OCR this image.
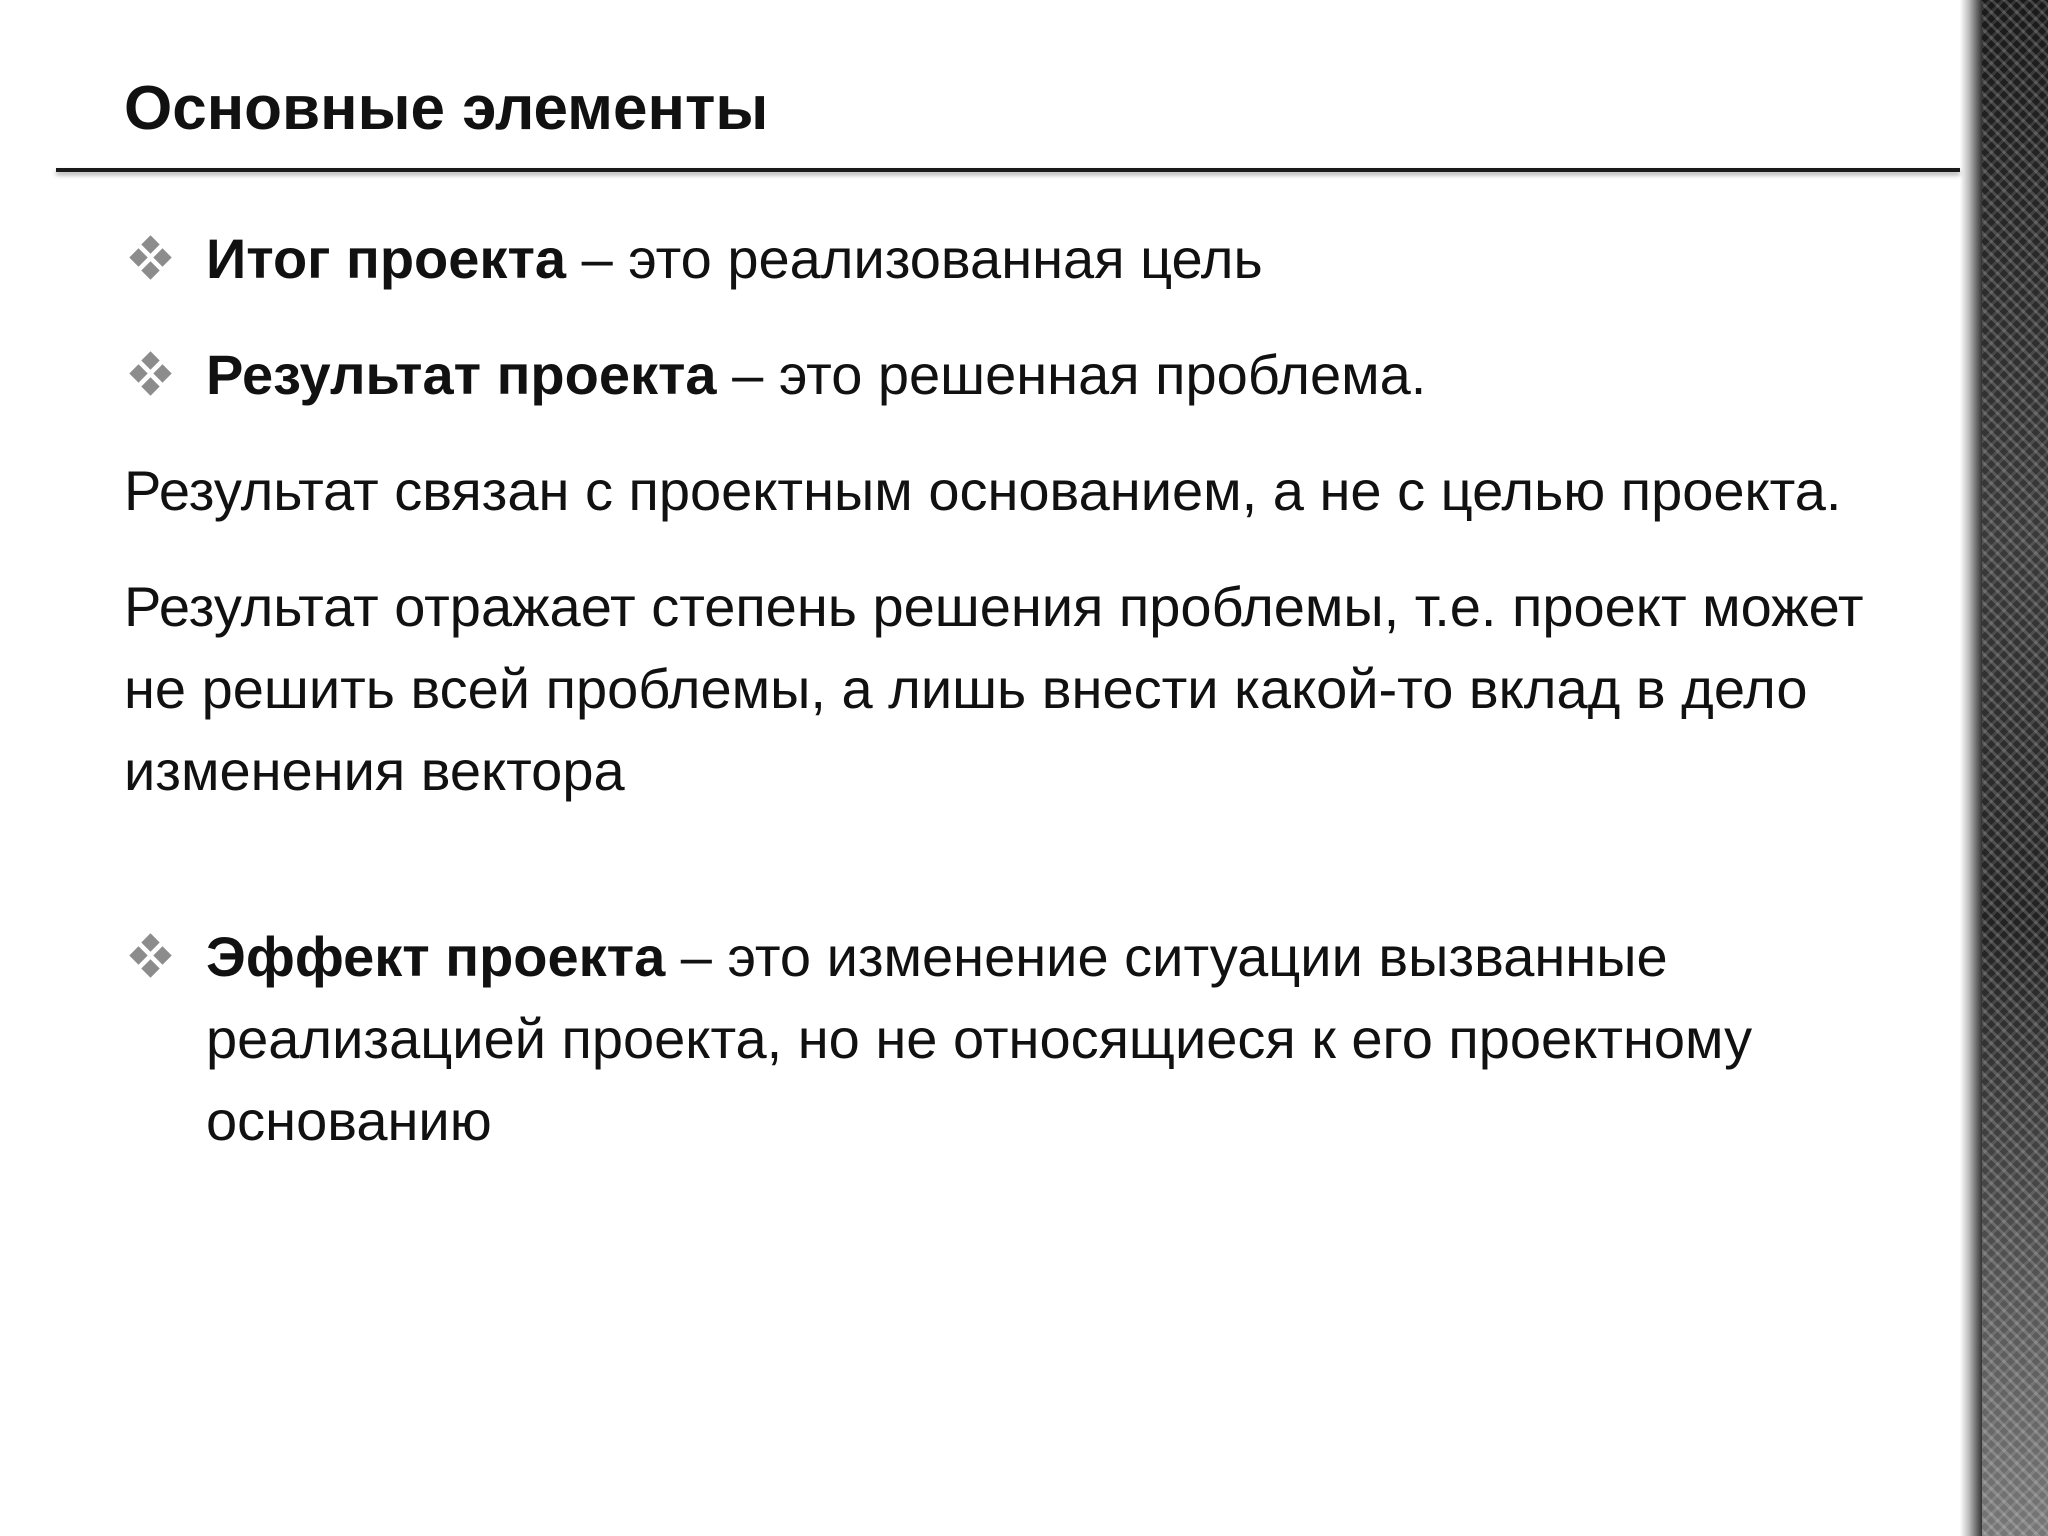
Основные элементы
Итог проекта – это реализованная цель
Результат проекта – это решенная проблема.
Результат связан с проектным основанием, а не с целью проекта.
Результат отражает степень решения проблемы, т.е. проект может не решить всей проблемы, а лишь внести какой-то вклад в дело изменения вектора
Эффект проекта – это изменение ситуации вызванные реализацией проекта, но не относящиеся к его проектному основанию
